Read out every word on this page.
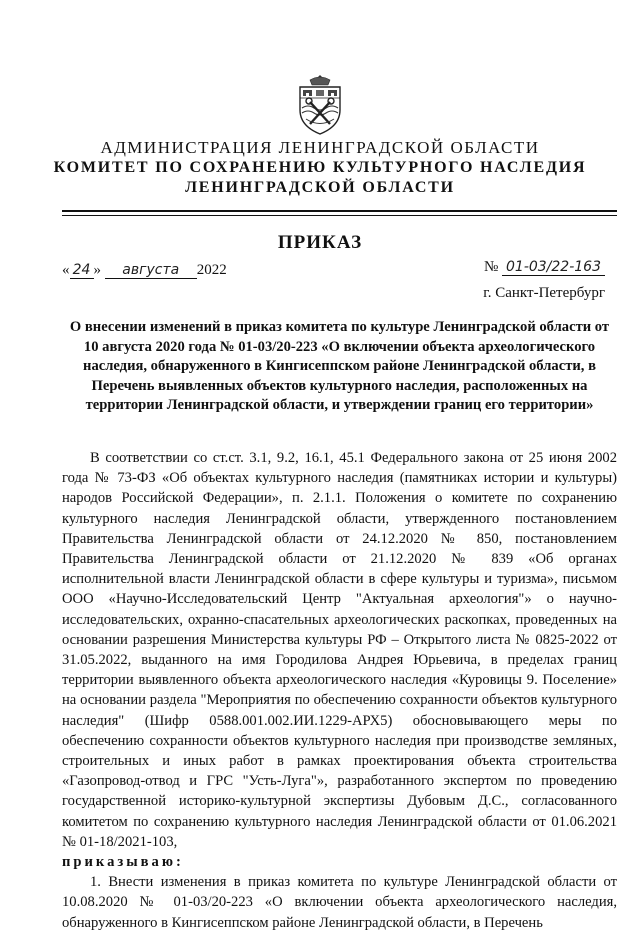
АДМИНИСТРАЦИЯ ЛЕНИНГРАДСКОЙ ОБЛАСТИ
КОМИТЕТ ПО СОХРАНЕНИЮ КУЛЬТУРНОГО НАСЛЕДИЯ
ЛЕНИНГРАДСКОЙ ОБЛАСТИ
ПРИКАЗ
« 24 » августа 2022	№ 01-03/22-163
г. Санкт-Петербург
О внесении изменений в приказ комитета по культуре Ленинградской области от 10 августа 2020 года № 01-03/20-223 «О включении объекта археологического наследия, обнаруженного в Кингисеппском районе Ленинградской области, в Перечень выявленных объектов культурного наследия, расположенных на территории Ленинградской области, и утверждении границ его территории»

В соответствии со ст.ст. 3.1, 9.2, 16.1, 45.1 Федерального закона от 25 июня 2002 года № 73-ФЗ «Об объектах культурного наследия (памятниках истории и культуры) народов Российской Федерации», п. 2.1.1. Положения о комитете по сохранению культурного наследия Ленинградской области, утвержденного постановлением Правительства Ленинградской области от 24.12.2020 № 850, постановлением Правительства Ленинградской области от 21.12.2020 № 839 «Об органах исполнительной власти Ленинградской области в сфере культуры и туризма», письмом ООО «Научно-Исследовательский Центр "Актуальная археология"» о научно-исследовательских, охранно-спасательных археологических раскопках, проведенных на основании разрешения Министерства культуры РФ – Открытого листа № 0825-2022 от 31.05.2022, выданного на имя Городилова Андрея Юрьевича, в пределах границ территории выявленного объекта археологического наследия «Куровицы 9. Поселение» на основании раздела "Мероприятия по обеспечению сохранности объектов культурного наследия" (Шифр 0588.001.002.ИИ.1229-АРХ5) обосновывающего меры по обеспечению сохранности объектов культурного наследия при производстве земляных, строительных и иных работ в рамках проектирования объекта строительства «Газопровод-отвод и ГРС "Усть-Луга"», разработанного экспертом по проведению государственной историко-культурной экспертизы Дубовым Д.С., согласованного комитетом по сохранению культурного наследия Ленинградской области от 01.06.2021 № 01-18/2021-103,

приказываю:

1. Внести изменения в приказ комитета по культуре Ленинградской области от 10.08.2020 № 01-03/20-223 «О включении объекта археологического наследия, обнаруженного в Кингисеппском районе Ленинградской области, в Перечень
